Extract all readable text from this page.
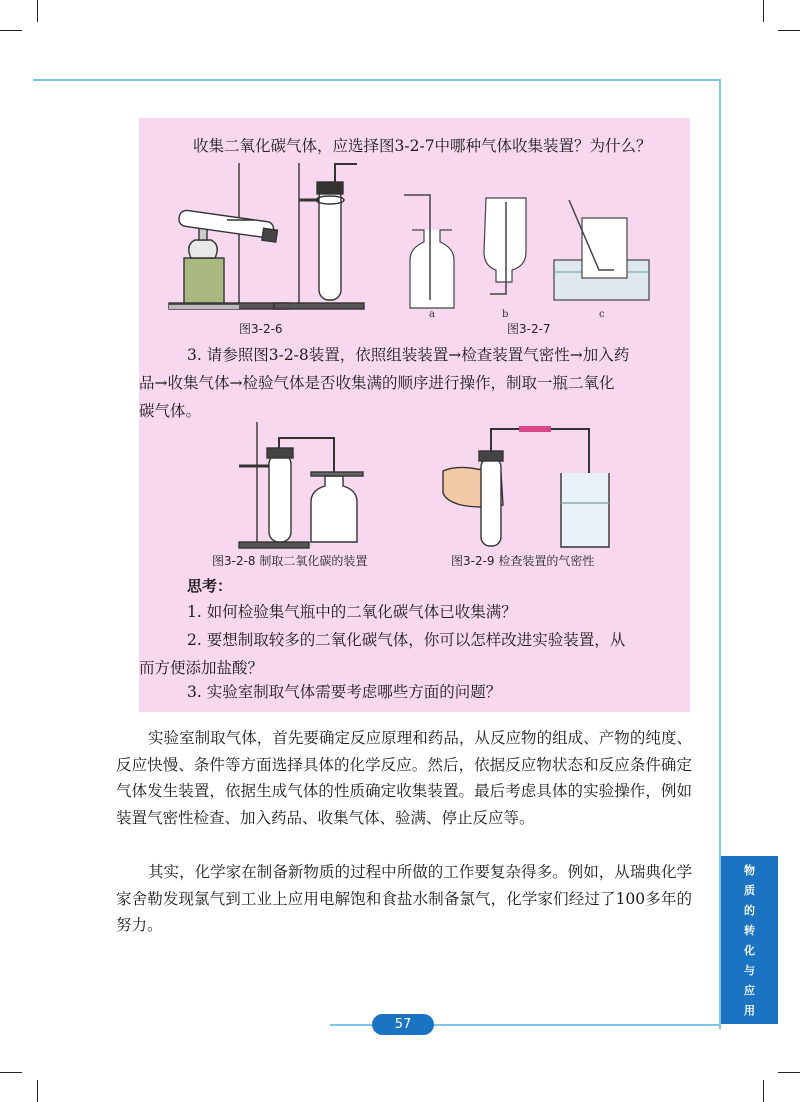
收集二氧化碳气体，应选择图3-2-7中哪种气体收集装置？为什么？
a	b	c
图3-2-6	图3-2-7
3. 请参照图3-2-8装置，依照组装装置→检查装置气密性→加入药
品→收集气体→检验气体是否收集满的顺序进行操作，制取一瓶二氧化
碳气体。
图3-2-8 制取二氧化碳的装置	图3-2-9 检查装置的气密性
思考：
1. 如何检验集气瓶中的二氧化碳气体已收集满？
2. 要想制取较多的二氧化碳气体，你可以怎样改进实验装置，从
而方便添加盐酸？
3. 实验室制取气体需要考虑哪些方面的问题？
实验室制取气体，首先要确定反应原理和药品，从反应物的组成、产物的纯度、反应快慢、条件等方面选择具体的化学反应。然后，依据反应物状态和反应条件确定气体发生装置，依据生成气体的性质确定收集装置。最后考虑具体的实验操作，例如装置气密性检查、加入药品、收集气体、验满、停止反应等。
其实，化学家在制备新物质的过程中所做的工作要复杂得多。例如，从瑞典化学家舍勒发现氯气到工业上应用电解饱和食盐水制备氯气，化学家们经过了100多年的努力。
物
质
的
转
化
与
应
用
57
